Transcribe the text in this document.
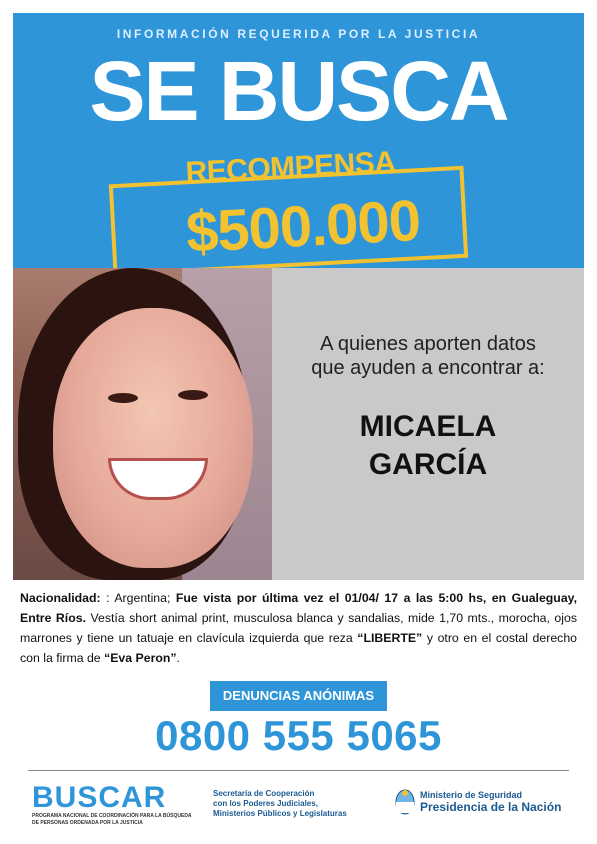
INFORMACIÓN REQUERIDA POR LA JUSTICIA
SE BUSCA
RECOMPENSA
$500.000
A quienes aporten datos
que ayuden a encontrar a:
MICAELA
GARCÍA
Nacionalidad: : Argentina; Fue vista por última vez el 01/04/ 17 a las 5:00 hs, en Gualeguay, Entre Ríos. Vestía short animal print, musculosa blanca y sandalias, mide 1,70 mts., morocha, ojos marrones y tiene un tatuaje en clavícula izquierda que reza “LIBERTE” y otro en el costal derecho con la firma de “Eva Peron”.
DENUNCIAS ANÓNIMAS
0800 555 5065
BUSCAR
PROGRAMA NACIONAL DE COORDINACIÓN PARA LA BÚSQUEDA DE PERSONAS ORDENADA POR LA JUSTICIA
Secretaría de Cooperación
con los Poderes Judiciales,
Ministerios Públicos y Legislaturas
Ministerio de Seguridad
Presidencia de la Nación
